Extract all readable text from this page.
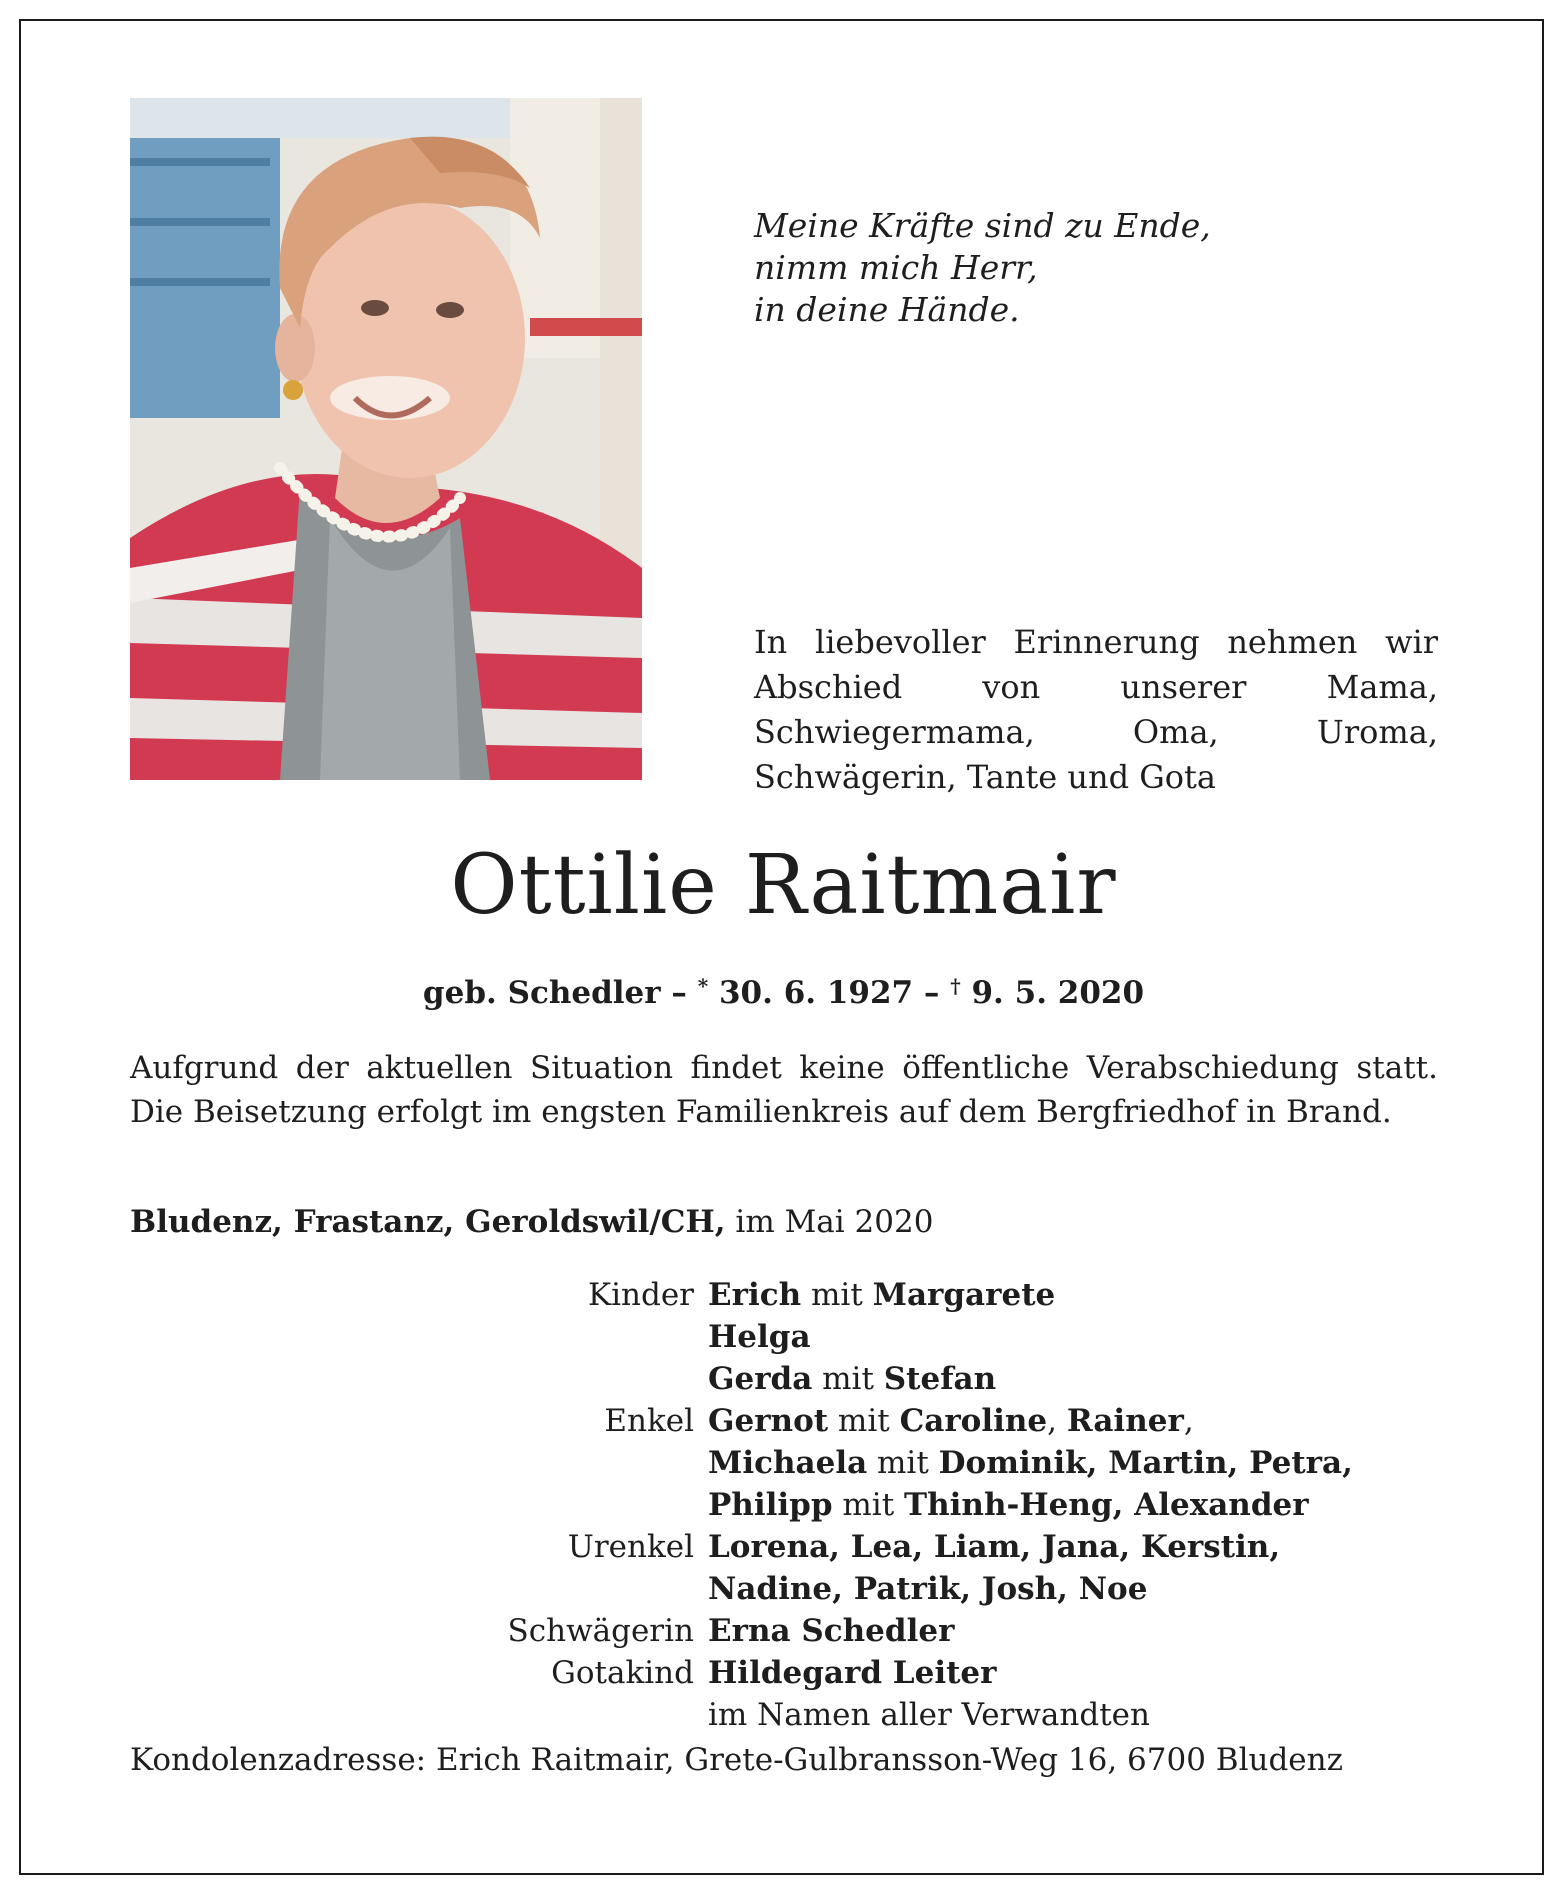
Meine Kräfte sind zu Ende,
nimm mich Herr,
in deine Hände.
In liebevoller Erinnerung nehmen wir Abschied von unserer Mama, Schwiegermama, Oma, Uroma, Schwägerin, Tante und Gota
Ottilie Raitmair
geb. Schedler – * 30. 6. 1927 – † 9. 5. 2020
Aufgrund der aktuellen Situation findet keine öffentliche Verabschiedung statt. Die Beisetzung erfolgt im engsten Familienkreis auf dem Bergfriedhof in Brand.
Bludenz, Frastanz, Geroldswil/CH, im Mai 2020
Kinder Erich mit Margarete
Helga
Gerda mit Stefan
Enkel Gernot mit Caroline, Rainer,
Michaela mit Dominik, Martin, Petra,
Philipp mit Thinh-Heng, Alexander
Urenkel Lorena, Lea, Liam, Jana, Kerstin,
Nadine, Patrik, Josh, Noe
Schwägerin Erna Schedler
Gotakind Hildegard Leiter
im Namen aller Verwandten
Kondolenzadresse: Erich Raitmair, Grete-Gulbransson-Weg 16, 6700 Bludenz
